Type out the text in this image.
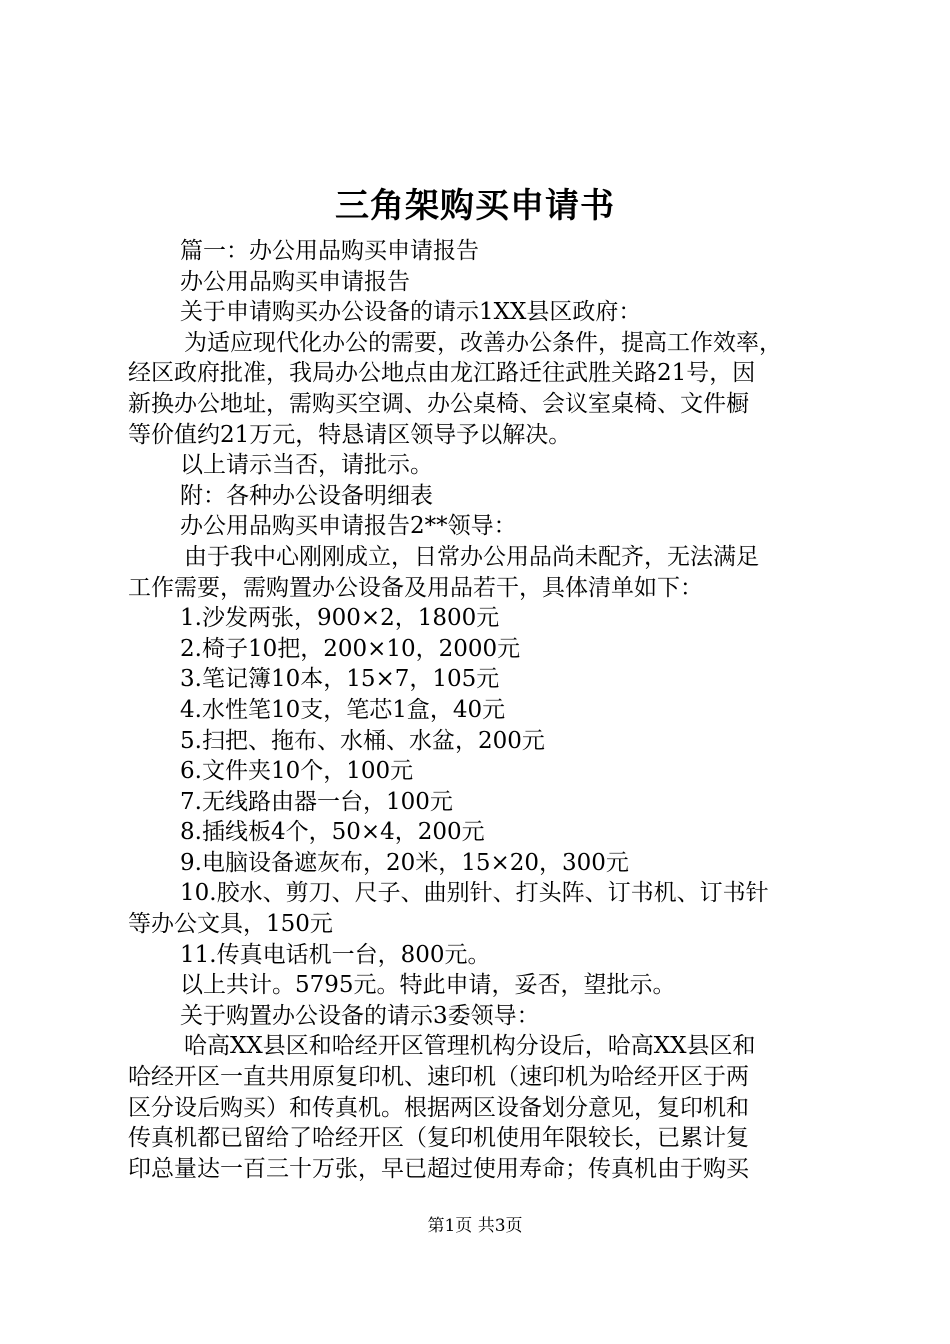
三角架购买申请书

篇一：办公用品购买申请报告

办公用品购买申请报告

关于申请购买办公设备的请示1XX县区政府：

为适应现代化办公的需要，改善办公条件，提高工作效率，

经区政府批准，我局办公地点由龙江路迁往武胜关路21号，因

新换办公地址，需购买空调、办公桌椅、会议室桌椅、文件橱

等价值约21万元，特恳请区领导予以解决。

以上请示当否，请批示。

附：各种办公设备明细表

办公用品购买申请报告2**领导：

由于我中心刚刚成立，日常办公用品尚未配齐，无法满足

工作需要，需购置办公设备及用品若干，具体清单如下：

1.沙发两张，900×2，1800元

2.椅子10把，200×10，2000元

3.笔记簿10本，15×7，105元

4.水性笔10支，笔芯1盒，40元

5.扫把、拖布、水桶、水盆，200元

6.文件夹10个，100元

7.无线路由器一台，100元

8.插线板4个，50×4，200元

9.电脑设备遮灰布，20米，15×20，300元

10.胶水、剪刀、尺子、曲别针、打头阵、订书机、订书针

等办公文具，150元

11.传真电话机一台，800元。

以上共计。5795元。特此申请，妥否，望批示。

关于购置办公设备的请示3委领导：

哈高XX县区和哈经开区管理机构分设后，哈高XX县区和

哈经开区一直共用原复印机、速印机（速印机为哈经开区于两

区分设后购买）和传真机。根据两区设备划分意见，复印机和

传真机都已留给了哈经开区（复印机使用年限较长，已累计复

印总量达一百三十万张，早已超过使用寿命；传真机由于购买

第1页 共3页
